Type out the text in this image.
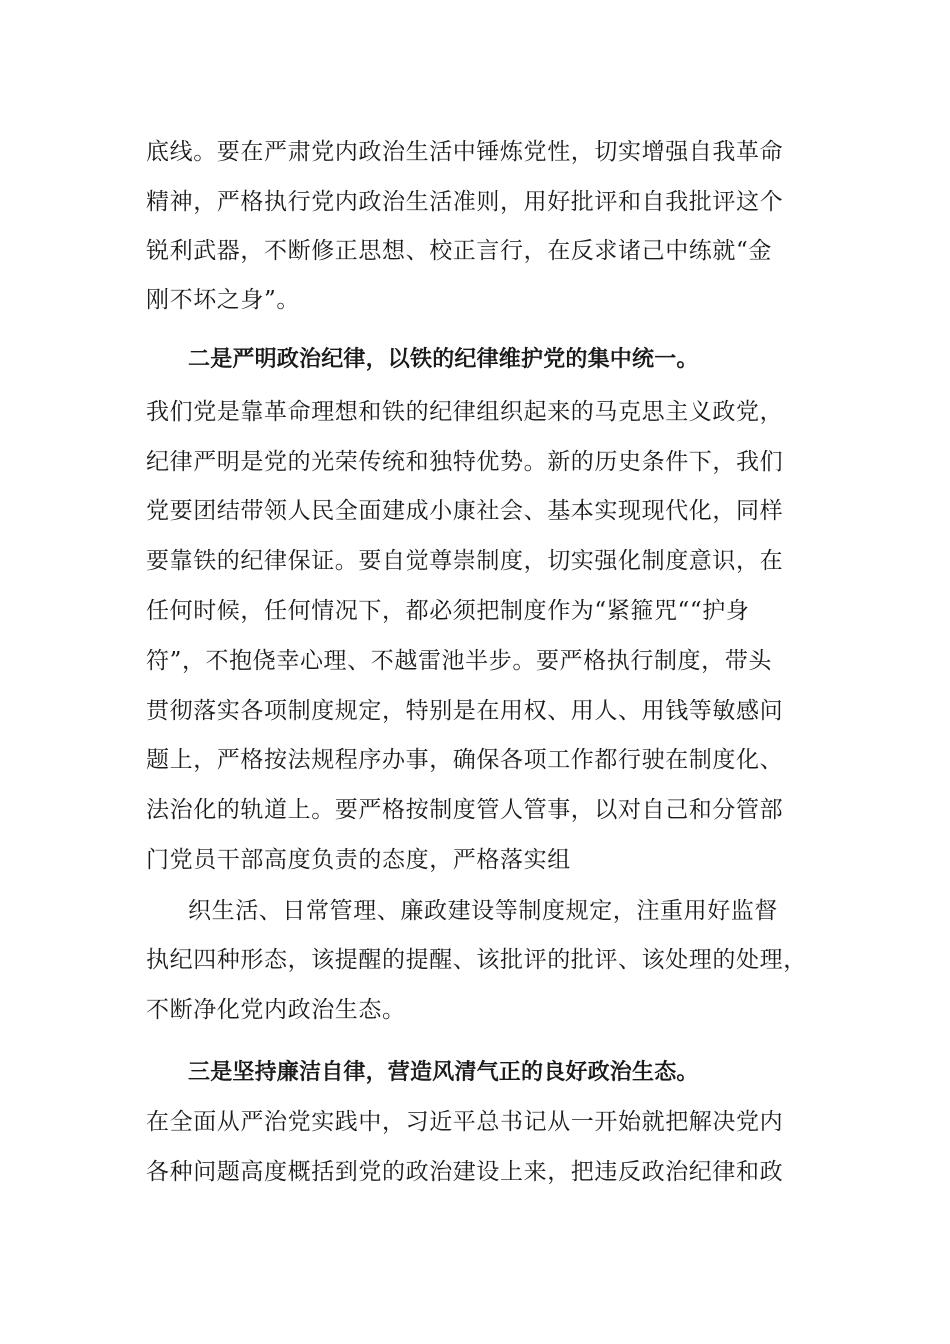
底线。要在严肃党内政治生活中锤炼党性，切实增强自我革命
精神，严格执行党内政治生活准则，用好批评和自我批评这个
锐利武器，不断修正思想、校正言行，在反求诸己中练就“金
刚不坏之身”。
二是严明政治纪律，以铁的纪律维护党的集中统一。
我们党是靠革命理想和铁的纪律组织起来的马克思主义政党，
纪律严明是党的光荣传统和独特优势。新的历史条件下，我们
党要团结带领人民全面建成小康社会、基本实现现代化，同样
要靠铁的纪律保证。要自觉尊崇制度，切实强化制度意识，在
任何时候，任何情况下，都必须把制度作为“紧箍咒““护身
符”，不抱侥幸心理、不越雷池半步。要严格执行制度，带头
贯彻落实各项制度规定，特别是在用权、用人、用钱等敏感问
题上，严格按法规程序办事，确保各项工作都行驶在制度化、
法治化的轨道上。要严格按制度管人管事，以对自己和分管部
门党员干部高度负责的态度，严格落实组
织生活、日常管理、廉政建设等制度规定，注重用好监督
执纪四种形态，该提醒的提醒、该批评的批评、该处理的处理，
不断净化党内政治生态。
三是坚持廉洁自律，营造风清气正的良好政治生态。
在全面从严治党实践中，习近平总书记从一开始就把解决党内
各种问题高度概括到党的政治建设上来，把违反政治纪律和政
